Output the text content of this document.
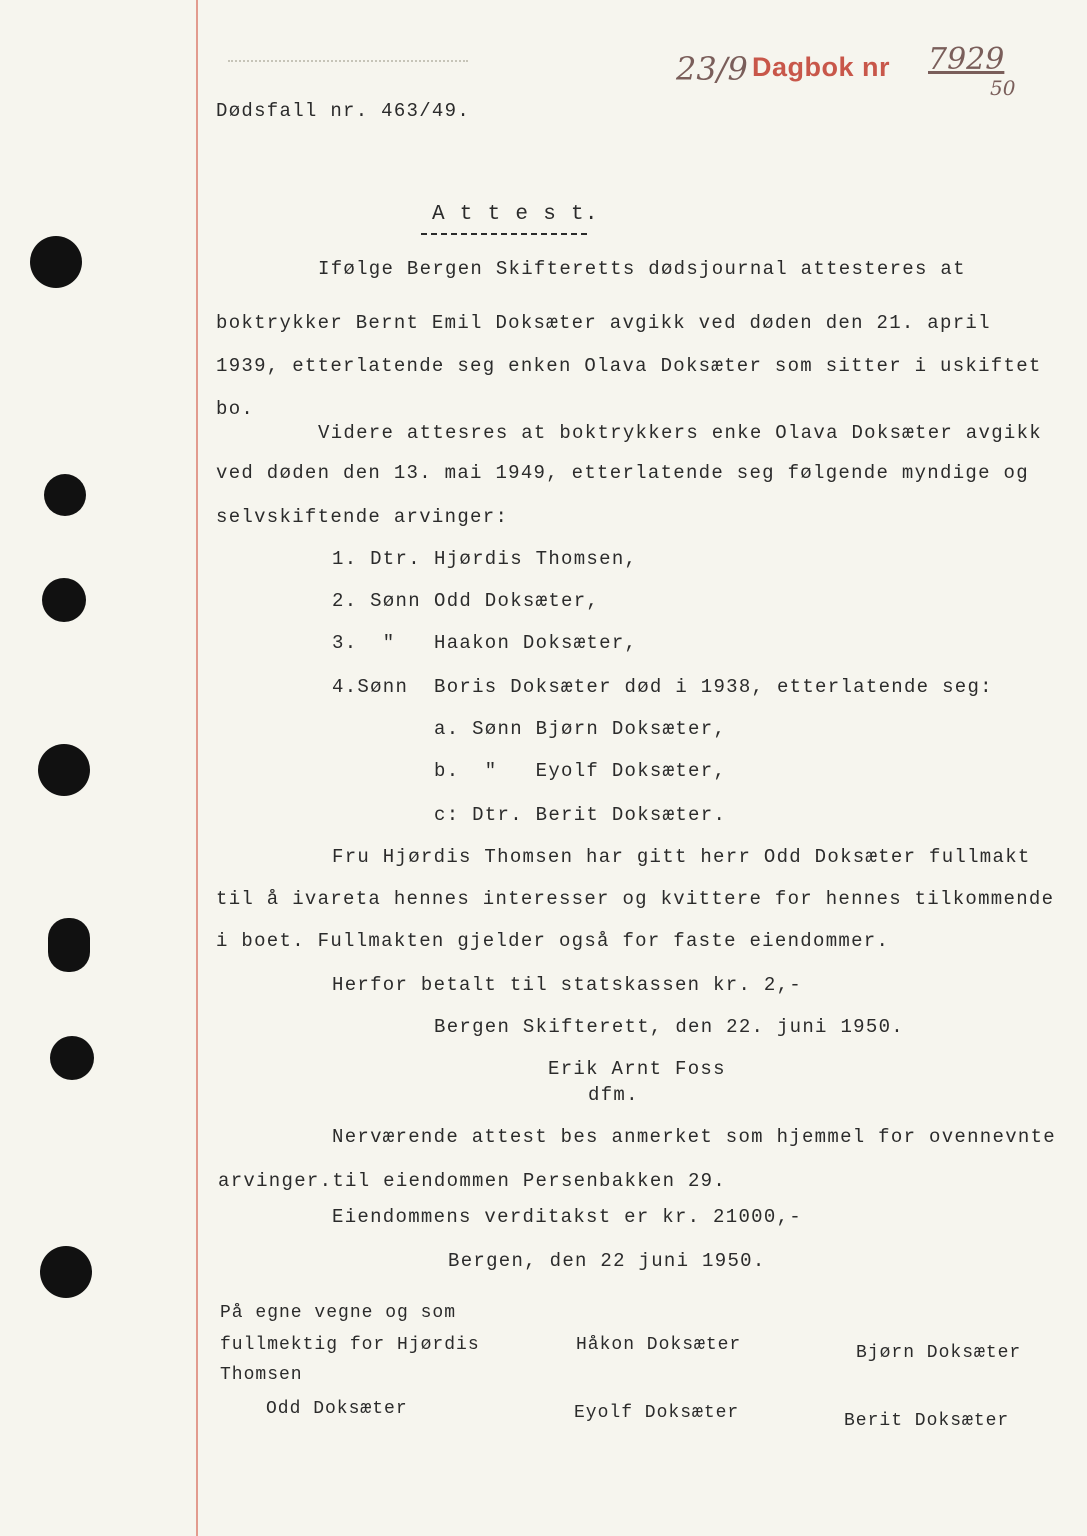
Dødsfall nr. 463/49.
23/9 Dagbok nr 7929
50
A t t e s t.
Ifølge Bergen Skifteretts dødsjournal attesteres at
boktrykker Bernt Emil Doksæter avgikk ved døden den 21. april
1939, etterlatende seg enken Olava Doksæter som sitter i uskiftet
bo.
Videre attesres at boktrykkers enke Olava Doksæter avgikk
ved døden den 13. mai 1949, etterlatende seg følgende myndige og
selvskiftende arvinger:
1. Dtr. Hjørdis Thomsen,
2. Sønn Odd Doksæter,
3.  " Haakon Doksæter,
4.Sønn Boris Doksæter død i 1938, etterlatende seg:
a. Sønn Bjørn Doksæter,
b.  "   Eyolf Doksæter,
c: Dtr. Berit Doksæter.
Fru Hjørdis Thomsen har gitt herr Odd Doksæter fullmakt
til å ivareta hennes interesser og kvittere for hennes tilkommende
i boet. Fullmakten gjelder også for faste eiendommer.
Herfor betalt til statskassen kr. 2,-
Bergen Skifterett, den 22. juni 1950.
Erik Arnt Foss
dfm.
Nerværende attest bes anmerket som hjemmel for ovennevnte
arvinger.til eiendommen Persenbakken 29.
Eiendommens verditakst er kr. 21000,-
Bergen, den 22 juni 1950.
På egne vegne og som
fullmektig for Hjørdis
Thomsen
Odd Doksæter
Håkon Doksæter
Eyolf Doksæter
Bjørn Doksæter
Berit Doksæter
